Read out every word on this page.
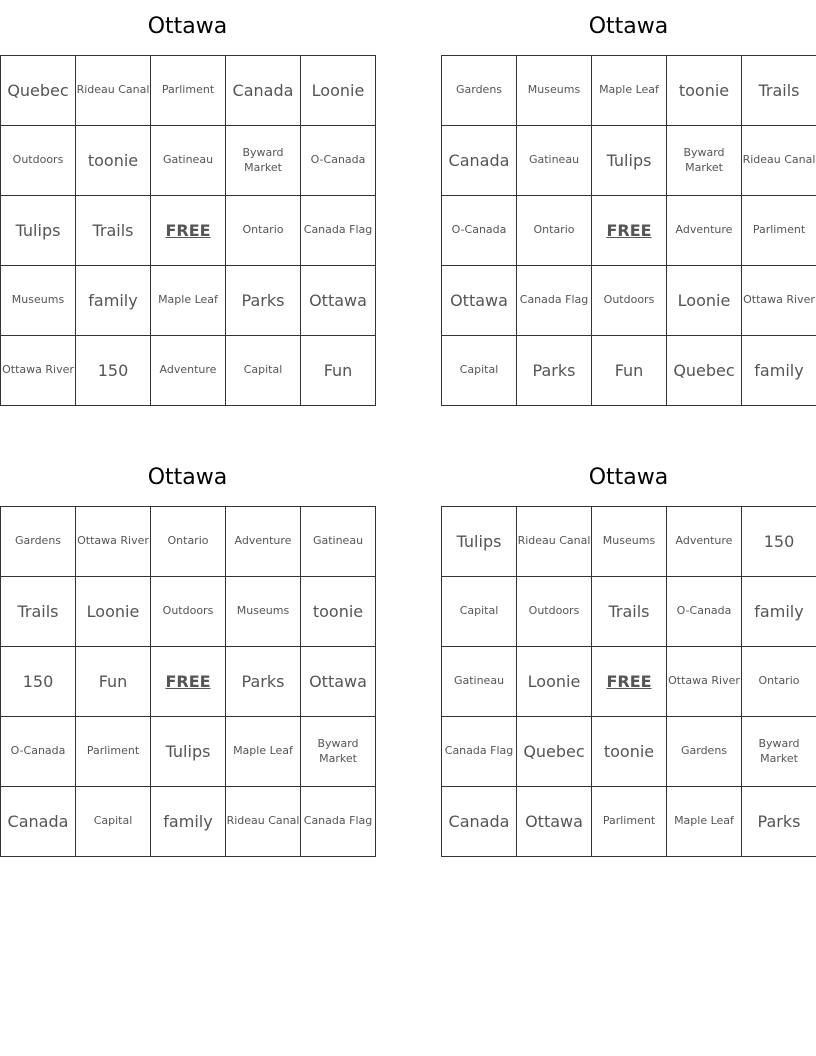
Ottawa
Quebec	Rideau Canal	Parliment	Canada	Loonie
Outdoors	toonie	Gatineau	Byward Market	O-Canada
Tulips	Trails	FREE	Ontario	Canada Flag
Museums	family	Maple Leaf	Parks	Ottawa
Ottawa River	150	Adventure	Capital	Fun
Ottawa
Gardens	Museums	Maple Leaf	toonie	Trails
Canada	Gatineau	Tulips	Byward Market	Rideau Canal
O-Canada	Ontario	FREE	Adventure	Parliment
Ottawa	Canada Flag	Outdoors	Loonie	Ottawa River
Capital	Parks	Fun	Quebec	family
Ottawa
Gardens	Ottawa River	Ontario	Adventure	Gatineau
Trails	Loonie	Outdoors	Museums	toonie
150	Fun	FREE	Parks	Ottawa
O-Canada	Parliment	Tulips	Maple Leaf	Byward Market
Canada	Capital	family	Rideau Canal	Canada Flag
Ottawa
Tulips	Rideau Canal	Museums	Adventure	150
Capital	Outdoors	Trails	O-Canada	family
Gatineau	Loonie	FREE	Ottawa River	Ontario
Canada Flag	Quebec	toonie	Gardens	Byward Market
Canada	Ottawa	Parliment	Maple Leaf	Parks
